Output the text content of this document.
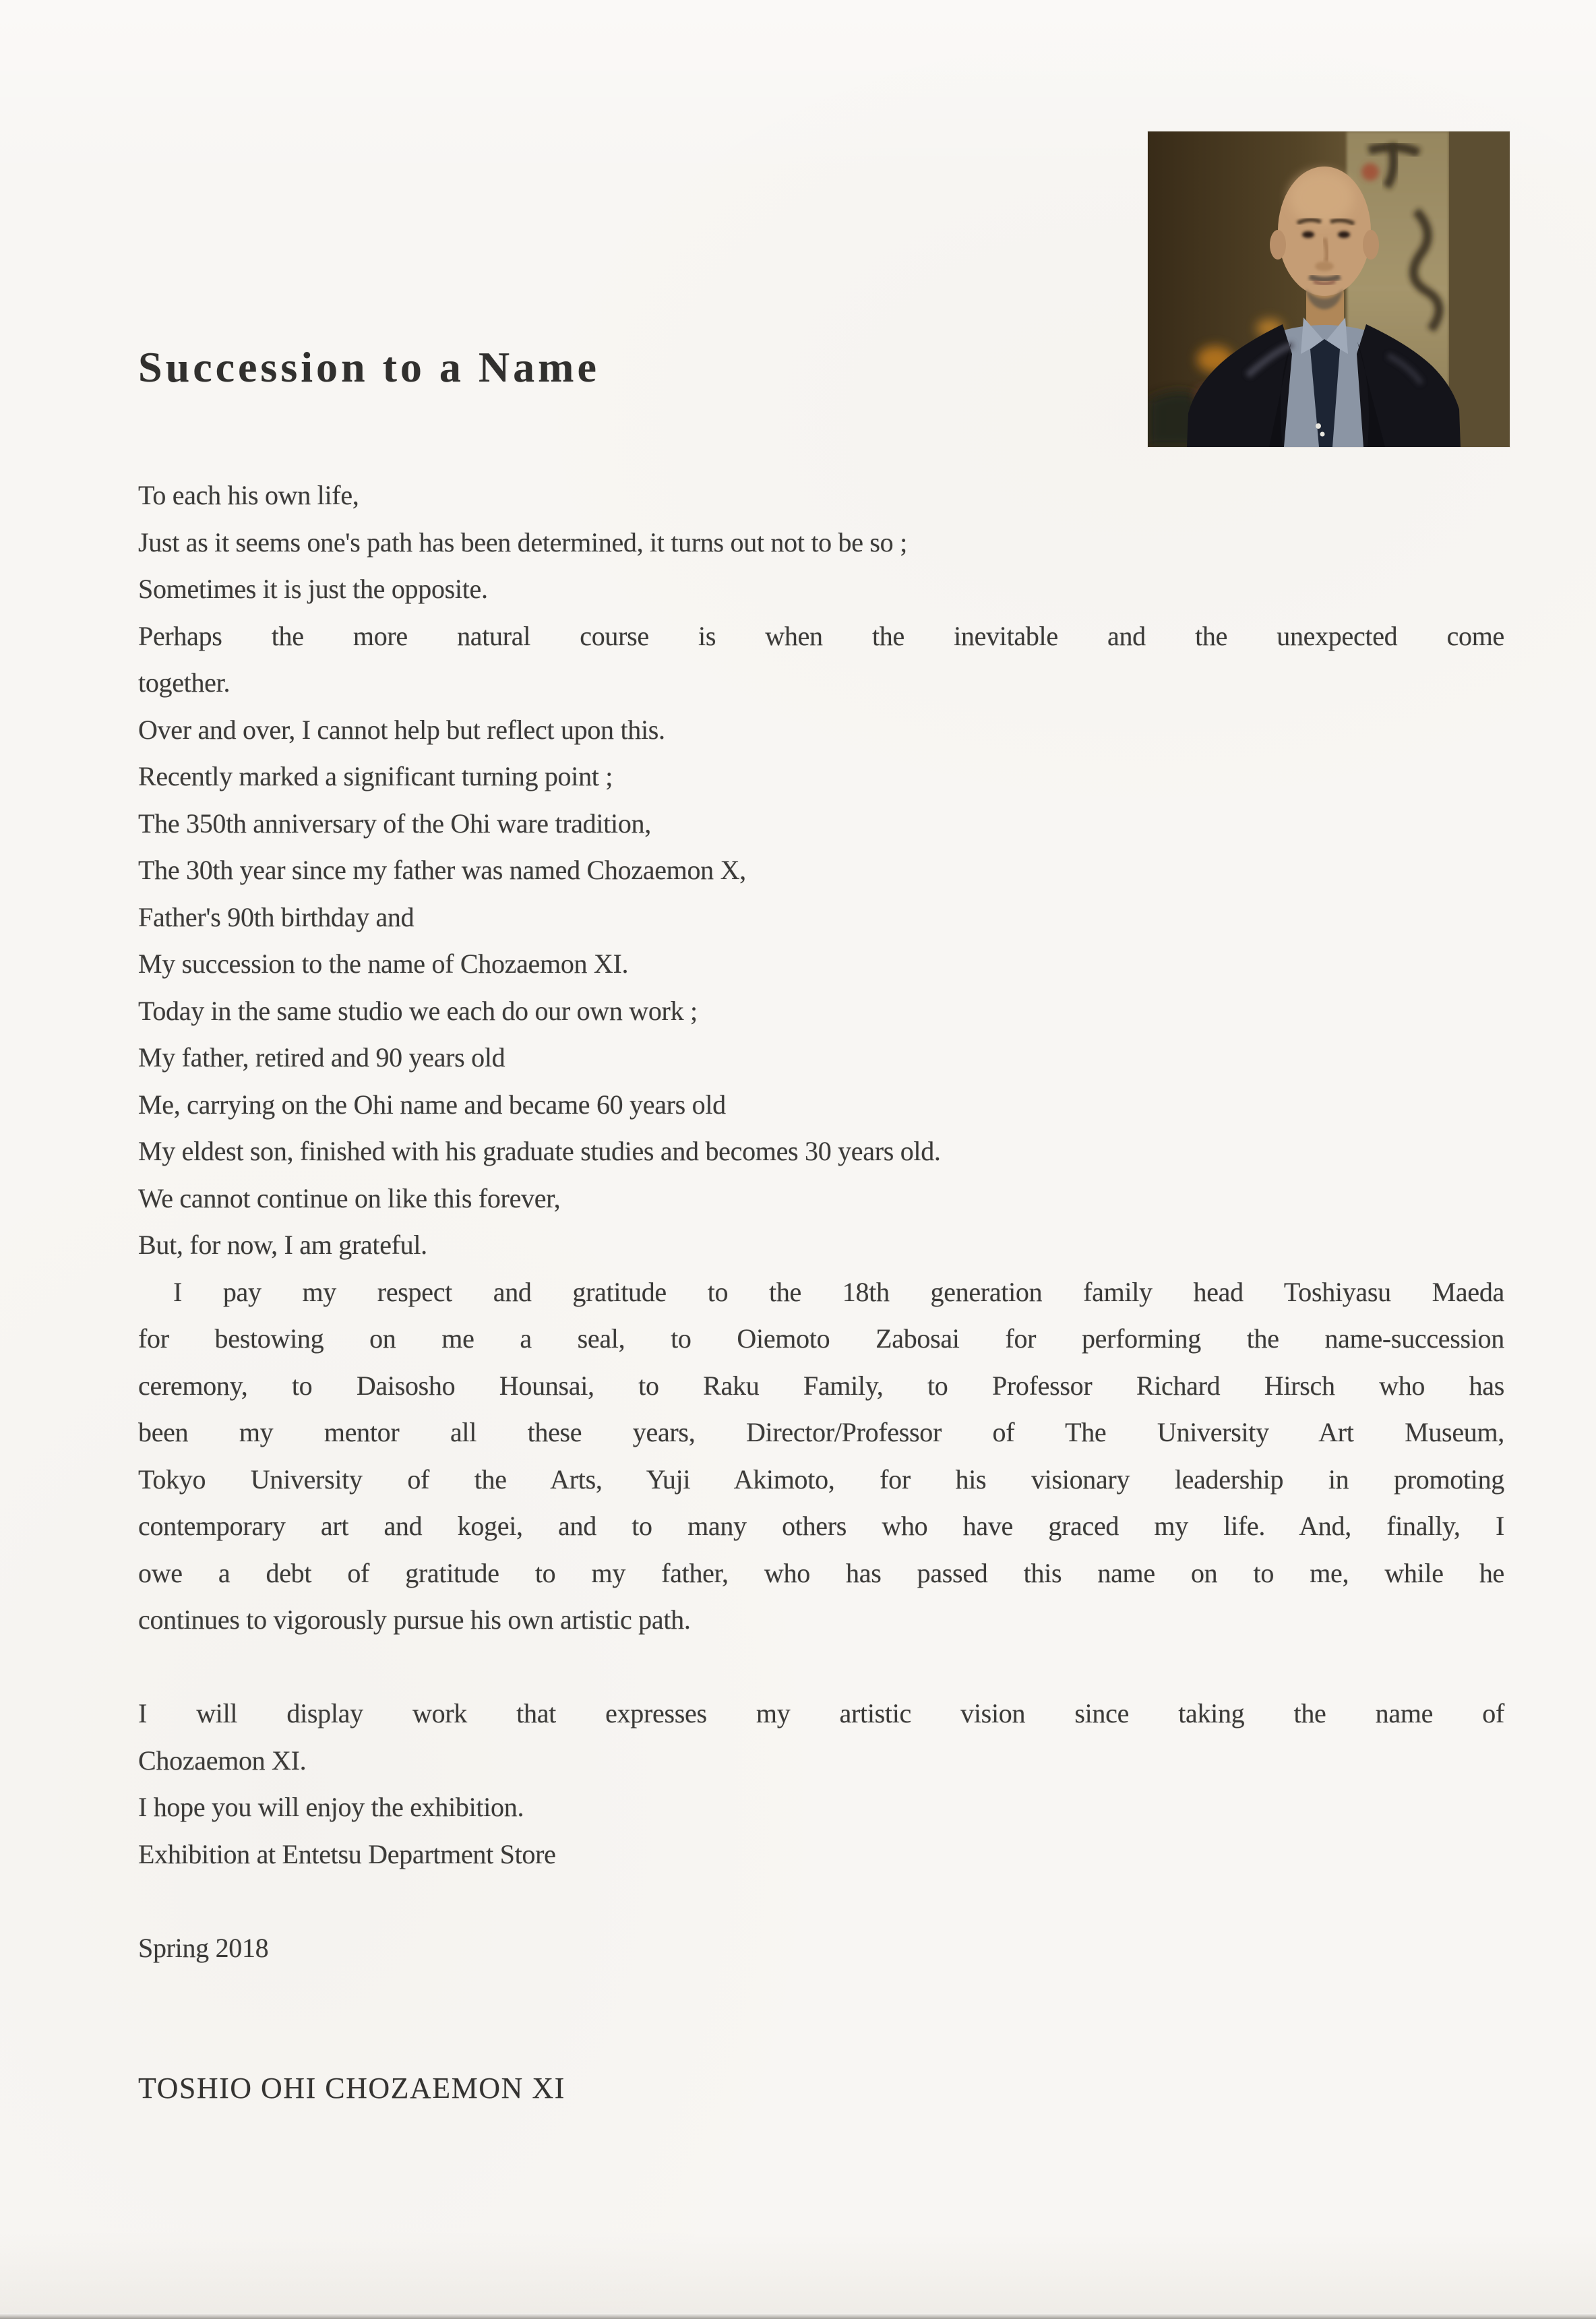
Succession to a Name
To each his own life,
Just as it seems one's path has been determined, it turns out not to be so ;
Sometimes it is just the opposite.
Perhaps the more natural course is when the inevitable and the unexpected come
together.
Over and over, I cannot help but reflect upon this.
Recently marked a significant turning point ;
The 350th anniversary of the Ohi ware tradition,
The 30th year since my father was named Chozaemon X,
Father's 90th birthday and
My succession to the name of Chozaemon XI.
Today in the same studio we each do our own work ;
My father, retired and 90 years old
Me, carrying on the Ohi name and became 60 years old
My eldest son, finished with his graduate studies and becomes 30 years old.
We cannot continue on like this forever,
But, for now, I am grateful.
I pay my respect and gratitude to the 18th generation family head Toshiyasu Maeda
for bestowing on me a seal, to Oiemoto Zabosai for performing the name-succession
ceremony, to Daisosho Hounsai, to Raku Family, to Professor Richard Hirsch who has
been my mentor all these years, Director/Professor of The University Art Museum,
Tokyo University of the Arts, Yuji Akimoto, for his visionary leadership in promoting
contemporary art and kogei, and to many others who have graced my life. And, finally, I
owe a debt of gratitude to my father, who has passed this name on to me, while he
continues to vigorously pursue his own artistic path.
I will display work that expresses my artistic vision since taking the name of
Chozaemon XI.
I hope you will enjoy the exhibition.
Exhibition at Entetsu Department Store
Spring 2018
TOSHIO OHI CHOZAEMON XI
